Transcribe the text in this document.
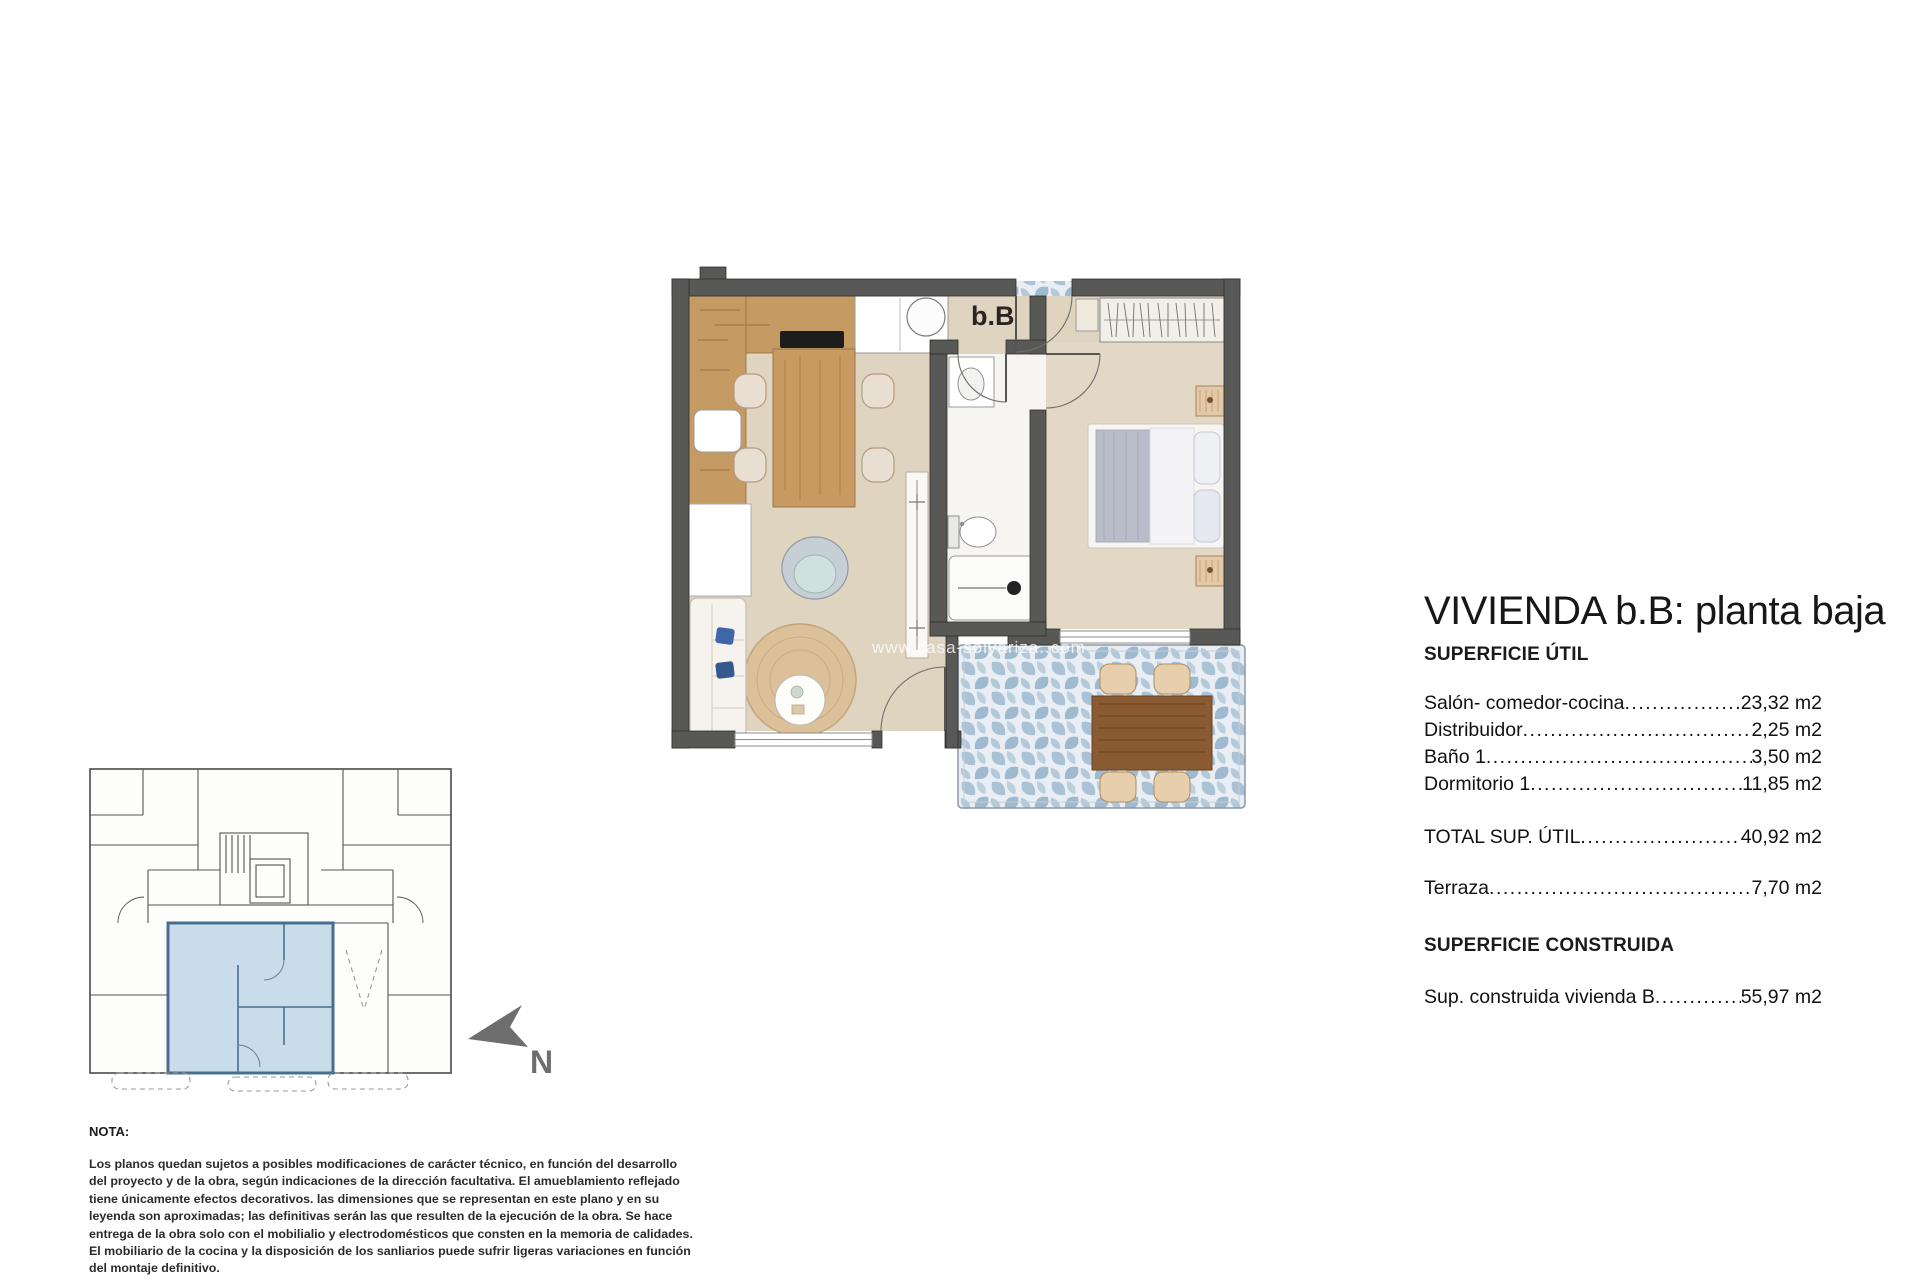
b.B
www.casa-solyariza..com
N
VIVIENDA b.B: planta baja
SUPERFICIE ÚTIL
Salón- comedor-cocina .....	23,32 m2
Distribuidor .....	2,25 m2
Baño 1 .....	3,50 m2
Dormitorio 1 .....	11,85 m2
TOTAL SUP. ÚTIL .....	40,92 m2
Terraza .....	7,70 m2
SUPERFICIE CONSTRUIDA
Sup. construida vivienda B .....	55,97 m2
NOTA:
Los planos quedan sujetos a posibles modificaciones de carácter técnico, en función del desarrollo
del proyecto y de la obra, según indicaciones de la dirección facultativa. El amueblamiento reflejado
tiene únicamente efectos decorativos. las dimensiones que se representan en este plano y en su
leyenda son aproximadas; las definitivas serán las que resulten de la ejecución de la obra. Se hace
entrega de la obra solo con el mobilialio y electrodomésticos que consten en la memoria de calidades.
El mobiliario de la cocina y la disposición de los sanliarios puede sufrir ligeras variaciones en función
del montaje definitivo.
